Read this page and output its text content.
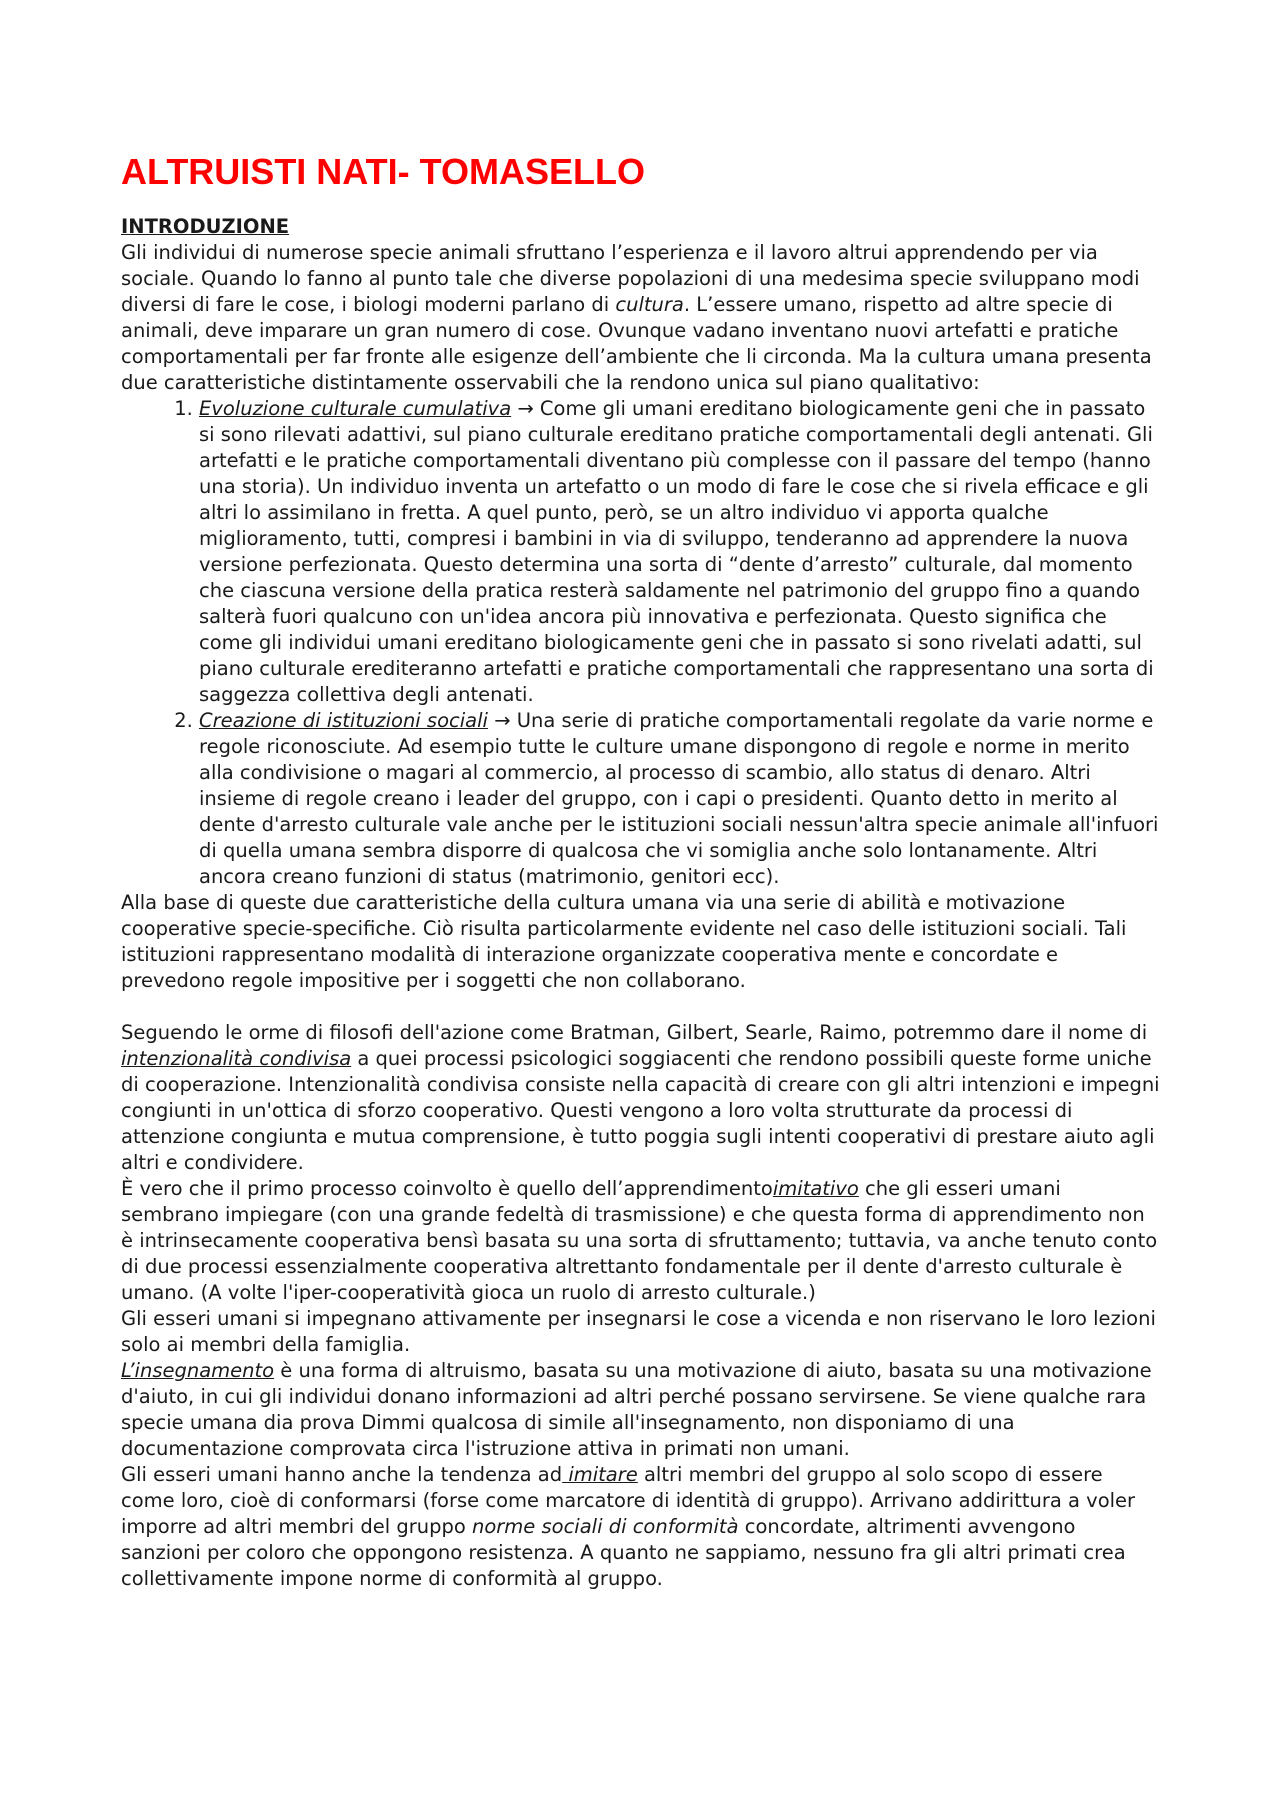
ALTRUISTI NATI- TOMASELLO
INTRODUZIONE

Gli individui di numerose specie animali sfruttano l’esperienza e il lavoro altrui apprendendo per via sociale. Quando lo fanno al punto tale che diverse popolazioni di una medesima specie sviluppano modi diversi di fare le cose, i biologi moderni parlano di cultura. L’essere umano, rispetto ad altre specie di animali, deve imparare un gran numero di cose. Ovunque vadano inventano nuovi artefatti e pratiche comportamentali per far fronte alle esigenze dell’ambiente che li circonda. Ma la cultura umana presenta due caratteristiche distintamente osservabili che la rendono unica sul piano qualitativo:

1. Evoluzione culturale cumulativa → Come gli umani ereditano biologicamente geni che in passato si sono rilevati adattivi, sul piano culturale ereditano pratiche comportamentali degli antenati. Gli artefatti e le pratiche comportamentali diventano più complesse con il passare del tempo (hanno una storia). Un individuo inventa un artefatto o un modo di fare le cose che si rivela efficace e gli altri lo assimilano in fretta. A quel punto, però, se un altro individuo vi apporta qualche miglioramento, tutti, compresi i bambini in via di sviluppo, tenderanno ad apprendere la nuova versione perfezionata. Questo determina una sorta di “dente d’arresto” culturale, dal momento che ciascuna versione della pratica resterà saldamente nel patrimonio del gruppo fino a quando salterà fuori qualcuno con un'idea ancora più innovativa e perfezionata. Questo significa che come gli individui umani ereditano biologicamente geni che in passato si sono rivelati adatti, sul piano culturale erediteranno artefatti e pratiche comportamentali che rappresentano una sorta di saggezza collettiva degli antenati.
2. Creazione di istituzioni sociali → Una serie di pratiche comportamentali regolate da varie norme e regole riconosciute. Ad esempio tutte le culture umane dispongono di regole e norme in merito alla condivisione o magari al commercio, al processo di scambio, allo status di denaro. Altri insieme di regole creano i leader del gruppo, con i capi o presidenti. Quanto detto in merito al dente d'arresto culturale vale anche per le istituzioni sociali nessun'altra specie animale all'infuori di quella umana sembra disporre di qualcosa che vi somiglia anche solo lontanamente. Altri ancora creano funzioni di status (matrimonio, genitori ecc).

Alla base di queste due caratteristiche della cultura umana via una serie di abilità e motivazione cooperative specie-specifiche. Ciò risulta particolarmente evidente nel caso delle istituzioni sociali. Tali istituzioni rappresentano modalità di interazione organizzate cooperativa mente e concordate e prevedono regole impositive per i soggetti che non collaborano.

Seguendo le orme di filosofi dell'azione come Bratman, Gilbert, Searle, Raimo, potremmo dare il nome di intenzionalità condivisa a quei processi psicologici soggiacenti che rendono possibili queste forme uniche di cooperazione. Intenzionalità condivisa consiste nella capacità di creare con gli altri intenzioni e impegni congiunti in un'ottica di sforzo cooperativo. Questi vengono a loro volta strutturate da processi di attenzione congiunta e mutua comprensione, è tutto poggia sugli intenti cooperativi di prestare aiuto agli altri e condividere.

È vero che il primo processo coinvolto è quello dell’apprendimentoimitativo che gli esseri umani sembrano impiegare (con una grande fedeltà di trasmissione) e che questa forma di apprendimento non è intrinsecamente cooperativa bensì basata su una sorta di sfruttamento; tuttavia, va anche tenuto conto di due processi essenzialmente cooperativa altrettanto fondamentale per il dente d'arresto culturale è umano. (A volte l'iper-cooperatività gioca un ruolo di arresto culturale.)

Gli esseri umani si impegnano attivamente per insegnarsi le cose a vicenda e non riservano le loro lezioni solo ai membri della famiglia.

L’insegnamento è una forma di altruismo, basata su una motivazione di aiuto, basata su una motivazione d'aiuto, in cui gli individui donano informazioni ad altri perché possano servirsene. Se viene qualche rara specie umana dia prova Dimmi qualcosa di simile all'insegnamento, non disponiamo di una documentazione comprovata circa l'istruzione attiva in primati non umani.

Gli esseri umani hanno anche la tendenza ad imitare altri membri del gruppo al solo scopo di essere come loro, cioè di conformarsi (forse come marcatore di identità di gruppo). Arrivano addirittura a voler imporre ad altri membri del gruppo norme sociali di conformità concordate, altrimenti avvengono sanzioni per coloro che oppongono resistenza. A quanto ne sappiamo, nessuno fra gli altri primati crea collettivamente impone norme di conformità al gruppo.
